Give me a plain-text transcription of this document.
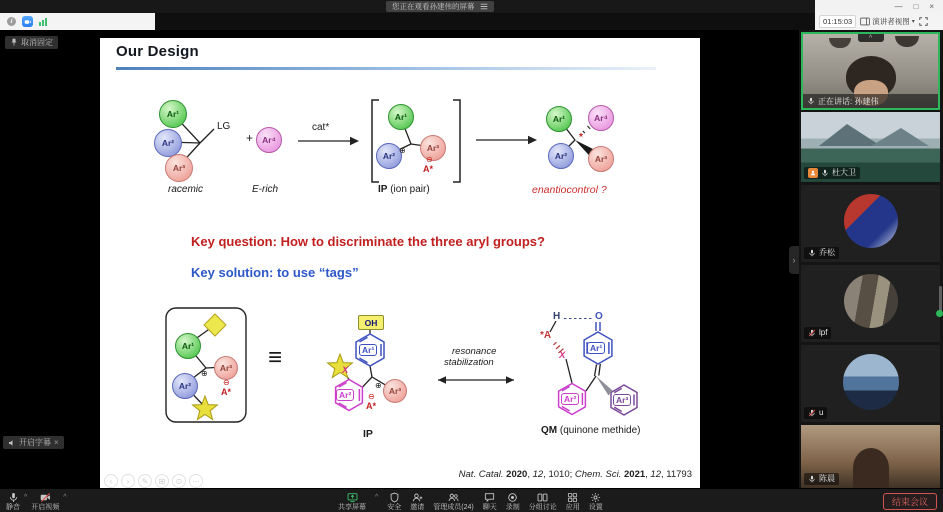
— □ ×
您正在观看孙建伟的屏幕
i	01:15:03	演讲者视图 ▾
取消固定
开启字幕 ×
Our Design
Ar¹
Ar²
Ar³
Ar⁴
Ar¹
Ar²
Ar³
Ar¹	Ar⁴
Ar²	Ar³
LG
+
cat*
racemic	E-rich	IP (ion pair)
⊕
⊖
A*
*
enantiocontrol ?
Key question: How to discriminate the three aryl groups?
Key solution: to use “tags”
Ar¹
Ar³
Ar²	Ar³
⊕
⊖
A*
≡
OH
Ar¹
Ar²
X
⊕
⊖
A*
IP
resonance
stabilization
H	O
*A
X
Ar¹
Ar²	Ar³
QM (quinone methide)
Nat. Catal. 2020, 12, 1010; Chem. Sci. 2021, 12, 11793
‹	›	✎	⊞	⊙	⋯
^
正在讲话: 孙建伟
杜大卫
乔松
lpf
u
陈晨
›
静音
^
开启视频
^
共享屏幕
^
安全 邀请 管理成员(24) 聊天 录制 分组讨论 应用 设置
结束会议
